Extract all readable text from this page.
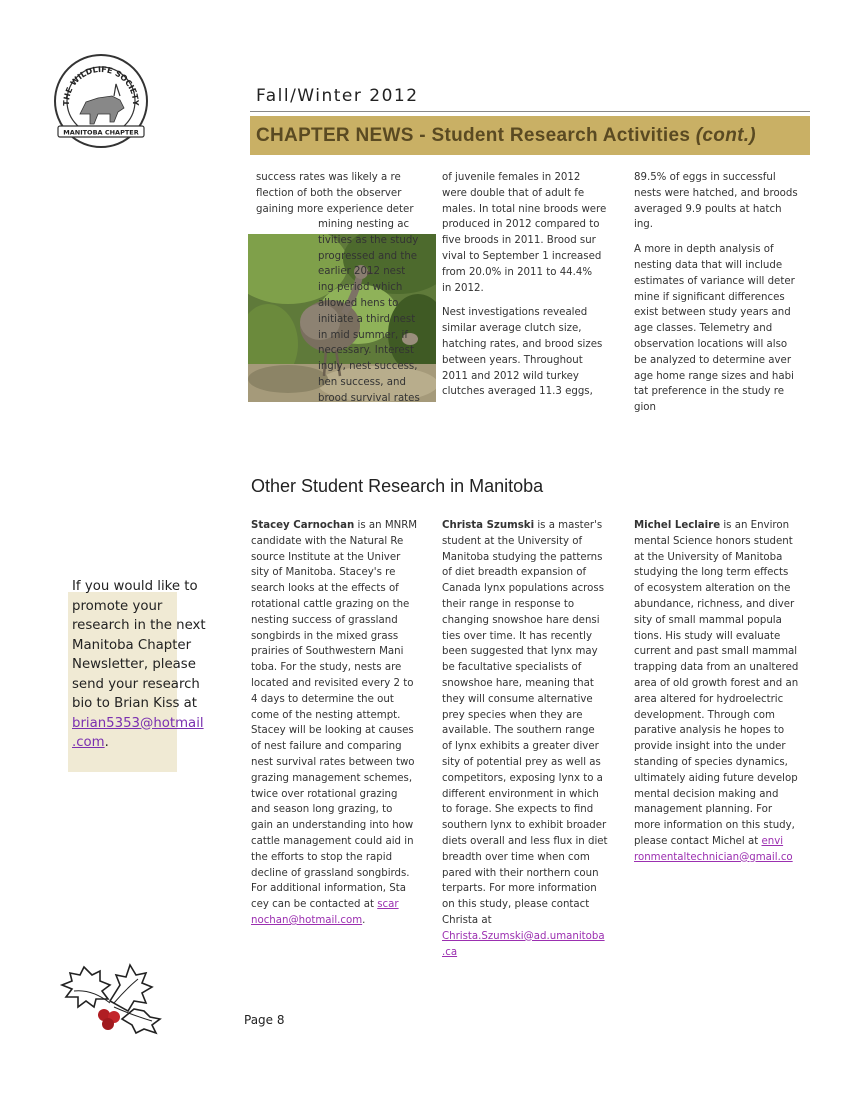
THE WILDLIFE SOCIETY
MANITOBA CHAPTER
Fall/Winter 2012
CHAPTER NEWS - Student Research Activities (cont.)
success rates was likely a re
flection of both the observer
gaining more experience deter
mining nesting ac
tivities as the study
progressed and the
earlier 2012 nest
ing period which
allowed hens to
initiate a third nest
in mid summer, if
necessary. Interest
ingly, nest success,
hen success, and
brood survival rates

of juvenile females in 2012
were double that of adult fe
males. In total nine broods were
produced in 2012 compared to
five broods in 2011. Brood sur
vival to September 1 increased
from 20.0% in 2011 to 44.4%
in 2012.

Nest investigations revealed
similar average clutch size,
hatching rates, and brood sizes
between years. Throughout
2011 and 2012 wild turkey
clutches averaged 11.3 eggs,

89.5% of eggs in successful
nests were hatched, and broods
averaged 9.9 poults at hatch
ing.

A more in depth analysis of
nesting data that will include
estimates of variance will deter
mine if significant differences
exist between study years and
age classes. Telemetry and
observation locations will also
be analyzed to determine aver
age home range sizes and habi
tat preference in the study re
gion

Other Student Research in Manitoba
Stacey Carnochan is an MNRM
candidate with the Natural Re
source Institute at the Univer
sity of Manitoba. Stacey's re
search looks at the effects of
rotational cattle grazing on the
nesting success of grassland
songbirds in the mixed grass
prairies of Southwestern Mani
toba. For the study, nests are
located and revisited every 2 to
4 days to determine the out
come of the nesting attempt.
Stacey will be looking at causes
of nest failure and comparing
nest survival rates between two
grazing management schemes,
twice over rotational grazing
and season long grazing, to
gain an understanding into how
cattle management could aid in
the efforts to stop the rapid
decline of grassland songbirds.
For additional information, Sta
cey can be contacted at scar
nochan@hotmail.com.
Christa Szumski is a master's
student at the University of
Manitoba studying the patterns
of diet breadth expansion of
Canada lynx populations across
their range in response to
changing snowshoe hare densi
ties over time. It has recently
been suggested that lynx may
be facultative specialists of
snowshoe hare, meaning that
they will consume alternative
prey species when they are
available. The southern range
of lynx exhibits a greater diver
sity of potential prey as well as
competitors, exposing lynx to a
different environment in which
to forage. She expects to find
southern lynx to exhibit broader
diets overall and less flux in diet
breadth over time when com
pared with their northern coun
terparts. For more information
on this study, please contact
Christa at
Christa.Szumski@ad.umanitoba
.ca
Michel Leclaire is an Environ
mental Science honors student
at the University of Manitoba
studying the long term effects
of ecosystem alteration on the
abundance, richness, and diver
sity of small mammal popula
tions. His study will evaluate
current and past small mammal
trapping data from an unaltered
area of old growth forest and an
area altered for hydroelectric
development. Through com
parative analysis he hopes to
provide insight into the under
standing of species dynamics,
ultimately aiding future develop
mental decision making and
management planning. For
more information on this study,
please contact Michel at envi
ronmentaltechnician@gmail.co
If you would like to
promote your
research in the next
Manitoba Chapter
Newsletter, please
send your research
bio to Brian Kiss at
brian5353@hotmail
.com.
Page 8
